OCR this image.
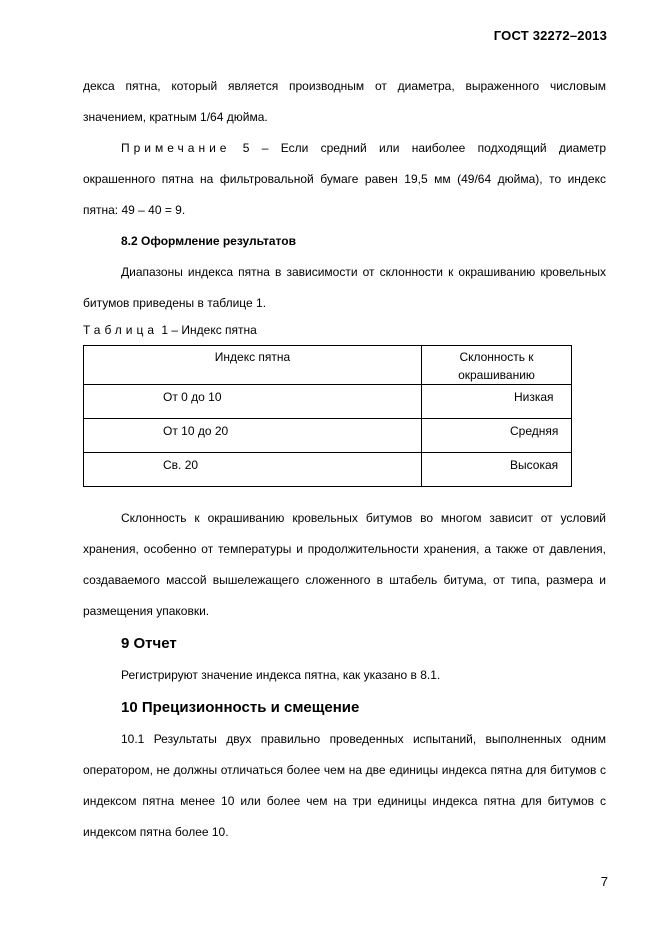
ГОСТ 32272–2013

декса пятна, который является производным от диаметра, выраженного числовым значением, кратным 1/64 дюйма.

Примечание 5 – Если средний или наиболее подходящий диаметр окрашенного пятна на фильтровальной бумаге равен 19,5 мм (49/64 дюйма), то индекс пятна: 49 – 40 = 9.

8.2 Оформление результатов

Диапазоны индекса пятна в зависимости от склонности к окрашиванию кровельных битумов приведены в таблице 1.

Таблица 1 – Индекс пятна

Индекс пятна	Склонность к окрашиванию
От 0 до 10	Низкая
От 10 до 20	Средняя
Св. 20	Высокая

Склонность к окрашиванию кровельных битумов во многом зависит от условий хранения, особенно от температуры и продолжительности хранения, а также от давления, создаваемого массой вышележащего сложенного в штабель битума, от типа, размера и размещения упаковки.

9 Отчет

Регистрируют значение индекса пятна, как указано в 8.1.

10 Прецизионность и смещение

10.1 Результаты двух правильно проведенных испытаний, выполненных одним оператором, не должны отличаться более чем на две единицы индекса пятна для битумов с индексом пятна менее 10 или более чем на три единицы индекса пятна для битумов с индексом пятна более 10.

7
